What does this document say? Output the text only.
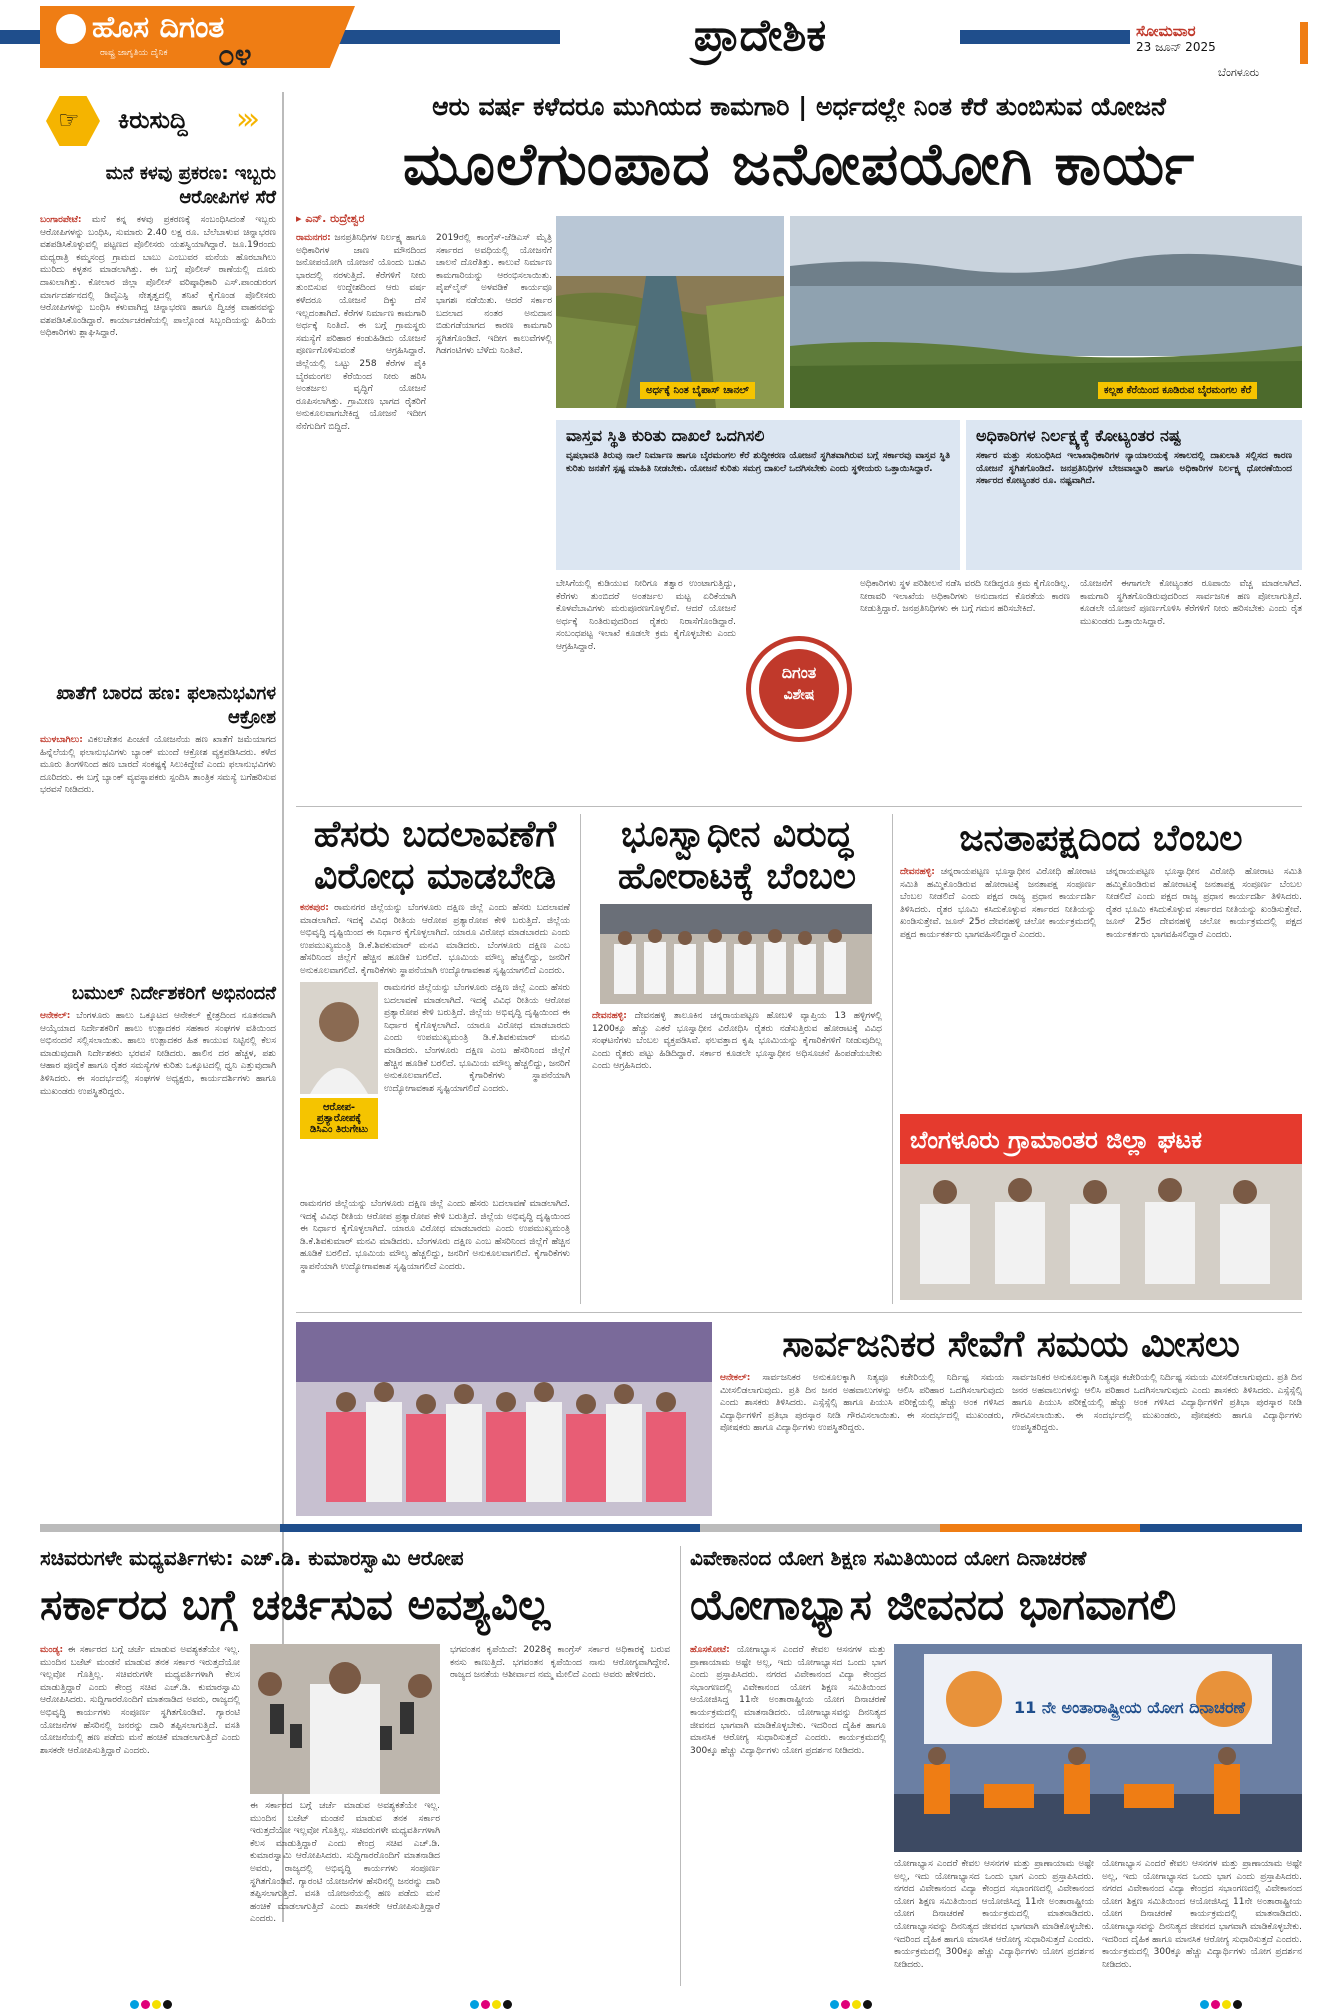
ಹೊಸ ದಿಗಂತ
ರಾಷ್ಟ್ರ ಜಾಗೃತಿಯ ದೈನಿಕ ೦೪	ಪ್ರಾದೇಶಿಕ	ಸೋಮವಾರ
23 ಜೂನ್ 2025
ಬೆಂಗಳೂರು
☞ ಕಿರುಸುದ್ದಿ ›››
ಮನೆ ಕಳವು ಪ್ರಕರಣ: ಇಬ್ಬರು ಆರೋಪಿಗಳ ಸೆರೆ
ಬಂಗಾರಪೇಟೆ: ಮನೆ ಕನ್ನ ಕಳವು ಪ್ರಕರಣಕ್ಕೆ ಸಂಬಂಧಿಸಿದಂತೆ ಇಬ್ಬರು ಆರೋಪಿಗಳನ್ನು ಬಂಧಿಸಿ, ಸುಮಾರು 2.40 ಲಕ್ಷ ರೂ. ಬೆಲೆಬಾಳುವ ಚಿನ್ನಾಭರಣ ವಶಪಡಿಸಿಕೊಳ್ಳುವಲ್ಲಿ ಪಟ್ಟಣದ ಪೊಲೀಸರು ಯಶಸ್ವಿಯಾಗಿದ್ದಾರೆ. ಜೂ.19ರಂದು ಮಧ್ಯರಾತ್ರಿ ಕಮ್ಮಸಂದ್ರ ಗ್ರಾಮದ ಬಾಬು ಎಂಬುವರ ಮನೆಯ ಹೊರಬಾಗಿಲು ಮುರಿದು ಕಳ್ಳತನ ಮಾಡಲಾಗಿತ್ತು. ಈ ಬಗ್ಗೆ ಪೊಲೀಸ್ ಠಾಣೆಯಲ್ಲಿ ದೂರು ದಾಖಲಾಗಿತ್ತು. ಕೋಲಾರ ಜಿಲ್ಲಾ ಪೊಲೀಸ್ ವರಿಷ್ಠಾಧಿಕಾರಿ ಎಸ್.ಪಾಂಡುರಂಗ ಮಾರ್ಗದರ್ಶನದಲ್ಲಿ ಡಿವೈಎಸ್ಪಿ ನೇತೃತ್ವದಲ್ಲಿ ತನಿಖೆ ಕೈಗೊಂಡ ಪೊಲೀಸರು ಆರೋಪಿಗಳನ್ನು ಬಂಧಿಸಿ ಕಳುವಾಗಿದ್ದ ಚಿನ್ನಾಭರಣ ಹಾಗೂ ದ್ವಿಚಕ್ರ ವಾಹನವನ್ನು ವಶಪಡಿಸಿಕೊಂಡಿದ್ದಾರೆ. ಕಾರ್ಯಾಚರಣೆಯಲ್ಲಿ ಪಾಲ್ಗೊಂಡ ಸಿಬ್ಬಂದಿಯನ್ನು ಹಿರಿಯ ಅಧಿಕಾರಿಗಳು ಶ್ಲಾಘಿಸಿದ್ದಾರೆ.
ಖಾತೆಗೆ ಬಾರದ ಹಣ: ಫಲಾನುಭವಿಗಳ ಆಕ್ರೋಶ
ಮುಳಬಾಗಿಲು: ವಿಕಲಚೇತನ ಪಿಂಚಣಿ ಯೋಜನೆಯ ಹಣ ಖಾತೆಗೆ ಜಮೆಯಾಗದ ಹಿನ್ನೆಲೆಯಲ್ಲಿ ಫಲಾನುಭವಿಗಳು ಬ್ಯಾಂಕ್ ಮುಂದೆ ಆಕ್ರೋಶ ವ್ಯಕ್ತಪಡಿಸಿದರು. ಕಳೆದ ಮೂರು ತಿಂಗಳಿನಿಂದ ಹಣ ಬಾರದೆ ಸಂಕಷ್ಟಕ್ಕೆ ಸಿಲುಕಿದ್ದೇವೆ ಎಂದು ಫಲಾನುಭವಿಗಳು ದೂರಿದರು. ಈ ಬಗ್ಗೆ ಬ್ಯಾಂಕ್ ವ್ಯವಸ್ಥಾಪಕರು ಸ್ಪಂದಿಸಿ ತಾಂತ್ರಿಕ ಸಮಸ್ಯೆ ಬಗೆಹರಿಸುವ ಭರವಸೆ ನೀಡಿದರು.
ಬಮುಲ್ ನಿರ್ದೇಶಕರಿಗೆ ಅಭಿನಂದನೆ
ಆನೇಕಲ್: ಬೆಂಗಳೂರು ಹಾಲು ಒಕ್ಕೂಟದ ಆನೇಕಲ್ ಕ್ಷೇತ್ರದಿಂದ ನೂತನವಾಗಿ ಆಯ್ಕೆಯಾದ ನಿರ್ದೇಶಕರಿಗೆ ಹಾಲು ಉತ್ಪಾದಕರ ಸಹಕಾರ ಸಂಘಗಳ ವತಿಯಿಂದ ಅಭಿನಂದನೆ ಸಲ್ಲಿಸಲಾಯಿತು. ಹಾಲು ಉತ್ಪಾದಕರ ಹಿತ ಕಾಯುವ ನಿಟ್ಟಿನಲ್ಲಿ ಕೆಲಸ ಮಾಡುವುದಾಗಿ ನಿರ್ದೇಶಕರು ಭರವಸೆ ನೀಡಿದರು. ಹಾಲಿನ ದರ ಹೆಚ್ಚಳ, ಪಶು ಆಹಾರ ಪೂರೈಕೆ ಹಾಗೂ ರೈತರ ಸಮಸ್ಯೆಗಳ ಕುರಿತು ಒಕ್ಕೂಟದಲ್ಲಿ ಧ್ವನಿ ಎತ್ತುವುದಾಗಿ ತಿಳಿಸಿದರು. ಈ ಸಂದರ್ಭದಲ್ಲಿ ಸಂಘಗಳ ಅಧ್ಯಕ್ಷರು, ಕಾರ್ಯದರ್ಶಿಗಳು ಹಾಗೂ ಮುಖಂಡರು ಉಪಸ್ಥಿತರಿದ್ದರು.
ಆರು ವರ್ಷ ಕಳೆದರೂ ಮುಗಿಯದ ಕಾಮಗಾರಿ | ಅರ್ಧದಲ್ಲೇ ನಿಂತ ಕೆರೆ ತುಂಬಿಸುವ ಯೋಜನೆ
ಮೂಲೆಗುಂಪಾದ ಜನೋಪಯೋಗಿ ಕಾರ್ಯ
▸ ಎನ್. ರುದ್ರೇಶ್ವರ
ರಾಮನಗರ: ಜನಪ್ರತಿನಿಧಿಗಳ ನಿರ್ಲಕ್ಷ್ಯ ಹಾಗೂ ಅಧಿಕಾರಿಗಳ ಜಾಣ ಮೌನದಿಂದ ಜನೋಪಯೋಗಿ ಯೋಜನೆ ಯೊಂದು ಬಡವಿ ಭಾರದಲ್ಲಿ ನರಳುತ್ತಿದೆ. ಕೆರೆಗಳಿಗೆ ನೀರು ತುಂಬಿಸುವ ಉದ್ದೇಶದಿಂದ ಆರು ವರ್ಷ ಕಳೆದರೂ ಯೋಜನೆ ದಿಕ್ಕು ದೆಸೆ ಇಲ್ಲದಂತಾಗಿದೆ. ಕೆರೆಗಳ ನಿರ್ಮಾಣ ಕಾಮಗಾರಿ ಅರ್ಧಕ್ಕೆ ನಿಂತಿದೆ. ಈ ಬಗ್ಗೆ ಗ್ರಾಮಸ್ಥರು ಸಮಸ್ಯೆಗೆ ಪರಿಹಾರ ಕಂಡುಹಿಡಿದು ಯೋಜನೆ ಪೂರ್ಣಗೊಳಿಸುವಂತೆ ಆಗ್ರಹಿಸಿದ್ದಾರೆ. ಜಿಲ್ಲೆಯಲ್ಲಿ ಒಟ್ಟು 258 ಕೆರೆಗಳ ಪೈಕಿ ಬೈರಮಂಗಲ ಕೆರೆಯಿಂದ ನೀರು ಹರಿಸಿ ಅಂತರ್ಜಲ ವೃದ್ಧಿಗೆ ಯೋಜನೆ ರೂಪಿಸಲಾಗಿತ್ತು. ಗ್ರಾಮೀಣ ಭಾಗದ ರೈತರಿಗೆ ಅನುಕೂಲವಾಗಬೇಕಿದ್ದ ಯೋಜನೆ ಇದೀಗ ನೆನೆಗುದಿಗೆ ಬಿದ್ದಿದೆ.
2019ರಲ್ಲಿ ಕಾಂಗ್ರೆಸ್-ಜೆಡಿಎಸ್ ಮೈತ್ರಿ ಸರ್ಕಾರದ ಅವಧಿಯಲ್ಲಿ ಯೋಜನೆಗೆ ಚಾಲನೆ ದೊರೆತಿತ್ತು. ಕಾಲುವೆ ನಿರ್ಮಾಣ ಕಾಮಗಾರಿಯನ್ನು ಆರಂಭಿಸಲಾಯಿತು. ಪೈಪ್‌ಲೈನ್ ಅಳವಡಿಕೆ ಕಾರ್ಯವೂ ಭಾಗಶಃ ನಡೆಯಿತು. ಆದರೆ ಸರ್ಕಾರ ಬದಲಾದ ನಂತರ ಅನುದಾನ ಬಿಡುಗಡೆಯಾಗದ ಕಾರಣ ಕಾಮಗಾರಿ ಸ್ಥಗಿತಗೊಂಡಿದೆ. ಇದೀಗ ಕಾಲುವೆಗಳಲ್ಲಿ ಗಿಡಗಂಟಿಗಳು ಬೆಳೆದು ನಿಂತಿವೆ.
ಅರ್ಧಕ್ಕೆ ನಿಂತ ಬೈಪಾಸ್ ಚಾನಲ್	ಕಲ್ಲಹ ಕೆರೆಯಿಂದ ಕೂಡಿರುವ ಬೈರಮಂಗಲ ಕೆರೆ
ವಾಸ್ತವ ಸ್ಥಿತಿ ಕುರಿತು ದಾಖಲೆ ಒದಗಿಸಲಿ
ವೃಷಭಾವತಿ ತಿರುವು ನಾಲೆ ನಿರ್ಮಾಣ ಹಾಗೂ ಬೈರಮಂಗಲ ಕೆರೆ ಶುದ್ಧೀಕರಣ ಯೋಜನೆ ಸ್ಥಗಿತವಾಗಿರುವ ಬಗ್ಗೆ ಸರ್ಕಾರವು ವಾಸ್ತವ ಸ್ಥಿತಿ ಕುರಿತು ಜನತೆಗೆ ಸ್ಪಷ್ಟ ಮಾಹಿತಿ ನೀಡಬೇಕು. ಯೋಜನೆ ಕುರಿತು ಸಮಗ್ರ ದಾಖಲೆ ಒದಗಿಸಬೇಕು ಎಂದು ಸ್ಥಳೀಯರು ಒತ್ತಾಯಿಸಿದ್ದಾರೆ.
ಅಧಿಕಾರಿಗಳ ನಿರ್ಲಕ್ಷ್ಯಕ್ಕೆ ಕೋಟ್ಯಂತರ ನಷ್ಟ
ಸರ್ಕಾರ ಮತ್ತು ಸಂಬಂಧಿಸಿದ ಇಲಾಖಾಧಿಕಾರಿಗಳ ನ್ಯಾಯಾಲಯಕ್ಕೆ ಸಕಾಲದಲ್ಲಿ ದಾಖಲಾತಿ ಸಲ್ಲಿಸದ ಕಾರಣ ಯೋಜನೆ ಸ್ಥಗಿತಗೊಂಡಿದೆ. ಜನಪ್ರತಿನಿಧಿಗಳ ಬೇಜವಾಬ್ದಾರಿ ಹಾಗೂ ಅಧಿಕಾರಿಗಳ ನಿರ್ಲಕ್ಷ್ಯ ಧೋರಣೆಯಿಂದ ಸರ್ಕಾರದ ಕೋಟ್ಯಂತರ ರೂ. ನಷ್ಟವಾಗಿದೆ.
ಬೇಸಿಗೆಯಲ್ಲಿ ಕುಡಿಯುವ ನೀರಿಗೂ ತತ್ವಾರ ಉಂಟಾಗುತ್ತಿದ್ದು, ಕೆರೆಗಳು ತುಂಬಿದರೆ ಅಂತರ್ಜಲ ಮಟ್ಟ ಏರಿಕೆಯಾಗಿ ಕೊಳವೆಬಾವಿಗಳು ಮರುಪೂರಣಗೊಳ್ಳಲಿವೆ. ಆದರೆ ಯೋಜನೆ ಅರ್ಧಕ್ಕೆ ನಿಂತಿರುವುದರಿಂದ ರೈತರು ನಿರಾಸೆಗೊಂಡಿದ್ದಾರೆ. ಸಂಬಂಧಪಟ್ಟ ಇಲಾಖೆ ಕೂಡಲೇ ಕ್ರಮ ಕೈಗೊಳ್ಳಬೇಕು ಎಂದು ಆಗ್ರಹಿಸಿದ್ದಾರೆ.
ದಿಗಂತ
ವಿಶೇಷ
ಅಧಿಕಾರಿಗಳು ಸ್ಥಳ ಪರಿಶೀಲನೆ ನಡೆಸಿ ವರದಿ ನೀಡಿದ್ದರೂ ಕ್ರಮ ಕೈಗೊಂಡಿಲ್ಲ. ನೀರಾವರಿ ಇಲಾಖೆಯ ಅಧಿಕಾರಿಗಳು ಅನುದಾನದ ಕೊರತೆಯ ಕಾರಣ ನೀಡುತ್ತಿದ್ದಾರೆ. ಜನಪ್ರತಿನಿಧಿಗಳು ಈ ಬಗ್ಗೆ ಗಮನ ಹರಿಸಬೇಕಿದೆ.
ಯೋಜನೆಗೆ ಈಗಾಗಲೇ ಕೋಟ್ಯಂತರ ರೂಪಾಯಿ ವೆಚ್ಚ ಮಾಡಲಾಗಿದೆ. ಕಾಮಗಾರಿ ಸ್ಥಗಿತಗೊಂಡಿರುವುದರಿಂದ ಸಾರ್ವಜನಿಕ ಹಣ ಪೋಲಾಗುತ್ತಿದೆ. ಕೂಡಲೇ ಯೋಜನೆ ಪೂರ್ಣಗೊಳಿಸಿ ಕೆರೆಗಳಿಗೆ ನೀರು ಹರಿಸಬೇಕು ಎಂದು ರೈತ ಮುಖಂಡರು ಒತ್ತಾಯಿಸಿದ್ದಾರೆ.
ಹೆಸರು ಬದಲಾವಣೆಗೆ ವಿರೋಧ ಮಾಡಬೇಡಿ
ಕನಕಪುರ: ರಾಮನಗರ ಜಿಲ್ಲೆಯನ್ನು ಬೆಂಗಳೂರು ದಕ್ಷಿಣ ಜಿಲ್ಲೆ ಎಂದು ಹೆಸರು ಬದಲಾವಣೆ ಮಾಡಲಾಗಿದೆ. ಇದಕ್ಕೆ ವಿವಿಧ ರೀತಿಯ ಆರೋಪ ಪ್ರತ್ಯಾರೋಪ ಕೇಳಿ ಬರುತ್ತಿದೆ. ಜಿಲ್ಲೆಯ ಅಭಿವೃದ್ಧಿ ದೃಷ್ಟಿಯಿಂದ ಈ ನಿರ್ಧಾರ ಕೈಗೊಳ್ಳಲಾಗಿದೆ. ಯಾರೂ ವಿರೋಧ ಮಾಡಬಾರದು ಎಂದು ಉಪಮುಖ್ಯಮಂತ್ರಿ ಡಿ.ಕೆ.ಶಿವಕುಮಾರ್ ಮನವಿ ಮಾಡಿದರು. ಬೆಂಗಳೂರು ದಕ್ಷಿಣ ಎಂಬ ಹೆಸರಿನಿಂದ ಜಿಲ್ಲೆಗೆ ಹೆಚ್ಚಿನ ಹೂಡಿಕೆ ಬರಲಿದೆ. ಭೂಮಿಯ ಮೌಲ್ಯ ಹೆಚ್ಚಲಿದ್ದು, ಜನರಿಗೆ ಅನುಕೂಲವಾಗಲಿದೆ. ಕೈಗಾರಿಕೆಗಳು ಸ್ಥಾಪನೆಯಾಗಿ ಉದ್ಯೋಗಾವಕಾಶ ಸೃಷ್ಟಿಯಾಗಲಿದೆ ಎಂದರು.
ಆರೋಪ-ಪ್ರತ್ಯಾರೋಪಕ್ಕೆ ಡಿಸಿಎಂ ತಿರುಗೇಟು
ರಾಮನಗರ ಜಿಲ್ಲೆಯನ್ನು ಬೆಂಗಳೂರು ದಕ್ಷಿಣ ಜಿಲ್ಲೆ ಎಂದು ಹೆಸರು ಬದಲಾವಣೆ ಮಾಡಲಾಗಿದೆ. ಇದಕ್ಕೆ ವಿವಿಧ ರೀತಿಯ ಆರೋಪ ಪ್ರತ್ಯಾರೋಪ ಕೇಳಿ ಬರುತ್ತಿದೆ. ಜಿಲ್ಲೆಯ ಅಭಿವೃದ್ಧಿ ದೃಷ್ಟಿಯಿಂದ ಈ ನಿರ್ಧಾರ ಕೈಗೊಳ್ಳಲಾಗಿದೆ. ಯಾರೂ ವಿರೋಧ ಮಾಡಬಾರದು ಎಂದು ಉಪಮುಖ್ಯಮಂತ್ರಿ ಡಿ.ಕೆ.ಶಿವಕುಮಾರ್ ಮನವಿ ಮಾಡಿದರು. ಬೆಂಗಳೂರು ದಕ್ಷಿಣ ಎಂಬ ಹೆಸರಿನಿಂದ ಜಿಲ್ಲೆಗೆ ಹೆಚ್ಚಿನ ಹೂಡಿಕೆ ಬರಲಿದೆ. ಭೂಮಿಯ ಮೌಲ್ಯ ಹೆಚ್ಚಲಿದ್ದು, ಜನರಿಗೆ ಅನುಕೂಲವಾಗಲಿದೆ. ಕೈಗಾರಿಕೆಗಳು ಸ್ಥಾಪನೆಯಾಗಿ ಉದ್ಯೋಗಾವಕಾಶ ಸೃಷ್ಟಿಯಾಗಲಿದೆ ಎಂದರು.
ರಾಮನಗರ ಜಿಲ್ಲೆಯನ್ನು ಬೆಂಗಳೂರು ದಕ್ಷಿಣ ಜಿಲ್ಲೆ ಎಂದು ಹೆಸರು ಬದಲಾವಣೆ ಮಾಡಲಾಗಿದೆ. ಇದಕ್ಕೆ ವಿವಿಧ ರೀತಿಯ ಆರೋಪ ಪ್ರತ್ಯಾರೋಪ ಕೇಳಿ ಬರುತ್ತಿದೆ. ಜಿಲ್ಲೆಯ ಅಭಿವೃದ್ಧಿ ದೃಷ್ಟಿಯಿಂದ ಈ ನಿರ್ಧಾರ ಕೈಗೊಳ್ಳಲಾಗಿದೆ. ಯಾರೂ ವಿರೋಧ ಮಾಡಬಾರದು ಎಂದು ಉಪಮುಖ್ಯಮಂತ್ರಿ ಡಿ.ಕೆ.ಶಿವಕುಮಾರ್ ಮನವಿ ಮಾಡಿದರು. ಬೆಂಗಳೂರು ದಕ್ಷಿಣ ಎಂಬ ಹೆಸರಿನಿಂದ ಜಿಲ್ಲೆಗೆ ಹೆಚ್ಚಿನ ಹೂಡಿಕೆ ಬರಲಿದೆ. ಭೂಮಿಯ ಮೌಲ್ಯ ಹೆಚ್ಚಲಿದ್ದು, ಜನರಿಗೆ ಅನುಕೂಲವಾಗಲಿದೆ. ಕೈಗಾರಿಕೆಗಳು ಸ್ಥಾಪನೆಯಾಗಿ ಉದ್ಯೋಗಾವಕಾಶ ಸೃಷ್ಟಿಯಾಗಲಿದೆ ಎಂದರು.
ಭೂಸ್ವಾಧೀನ ವಿರುದ್ಧ ಹೋರಾಟಕ್ಕೆ ಬೆಂಬಲ
ದೇವನಹಳ್ಳಿ: ದೇವನಹಳ್ಳಿ ತಾಲೂಕಿನ ಚನ್ನರಾಯಪಟ್ಟಣ ಹೋಬಳಿ ವ್ಯಾಪ್ತಿಯ 13 ಹಳ್ಳಿಗಳಲ್ಲಿ 1200ಕ್ಕೂ ಹೆಚ್ಚು ಎಕರೆ ಭೂಸ್ವಾಧೀನ ವಿರೋಧಿಸಿ ರೈತರು ನಡೆಸುತ್ತಿರುವ ಹೋರಾಟಕ್ಕೆ ವಿವಿಧ ಸಂಘಟನೆಗಳು ಬೆಂಬಲ ವ್ಯಕ್ತಪಡಿಸಿವೆ. ಫಲವತ್ತಾದ ಕೃಷಿ ಭೂಮಿಯನ್ನು ಕೈಗಾರಿಕೆಗಳಿಗೆ ನೀಡುವುದಿಲ್ಲ ಎಂದು ರೈತರು ಪಟ್ಟು ಹಿಡಿದಿದ್ದಾರೆ. ಸರ್ಕಾರ ಕೂಡಲೇ ಭೂಸ್ವಾಧೀನ ಅಧಿಸೂಚನೆ ಹಿಂಪಡೆಯಬೇಕು ಎಂದು ಆಗ್ರಹಿಸಿದರು.
ಜನತಾಪಕ್ಷದಿಂದ ಬೆಂಬಲ
ದೇವನಹಳ್ಳಿ: ಚನ್ನರಾಯಪಟ್ಟಣ ಭೂಸ್ವಾಧೀನ ವಿರೋಧಿ ಹೋರಾಟ ಸಮಿತಿ ಹಮ್ಮಿಕೊಂಡಿರುವ ಹೋರಾಟಕ್ಕೆ ಜನತಾಪಕ್ಷ ಸಂಪೂರ್ಣ ಬೆಂಬಲ ನೀಡಲಿದೆ ಎಂದು ಪಕ್ಷದ ರಾಜ್ಯ ಪ್ರಧಾನ ಕಾರ್ಯದರ್ಶಿ ತಿಳಿಸಿದರು. ರೈತರ ಭೂಮಿ ಕಸಿದುಕೊಳ್ಳುವ ಸರ್ಕಾರದ ನೀತಿಯನ್ನು ಖಂಡಿಸುತ್ತೇವೆ. ಜೂನ್ 25ರ ದೇವನಹಳ್ಳಿ ಚಲೋ ಕಾರ್ಯಕ್ರಮದಲ್ಲಿ ಪಕ್ಷದ ಕಾರ್ಯಕರ್ತರು ಭಾಗವಹಿಸಲಿದ್ದಾರೆ ಎಂದರು.
ಚನ್ನರಾಯಪಟ್ಟಣ ಭೂಸ್ವಾಧೀನ ವಿರೋಧಿ ಹೋರಾಟ ಸಮಿತಿ ಹಮ್ಮಿಕೊಂಡಿರುವ ಹೋರಾಟಕ್ಕೆ ಜನತಾಪಕ್ಷ ಸಂಪೂರ್ಣ ಬೆಂಬಲ ನೀಡಲಿದೆ ಎಂದು ಪಕ್ಷದ ರಾಜ್ಯ ಪ್ರಧಾನ ಕಾರ್ಯದರ್ಶಿ ತಿಳಿಸಿದರು. ರೈತರ ಭೂಮಿ ಕಸಿದುಕೊಳ್ಳುವ ಸರ್ಕಾರದ ನೀತಿಯನ್ನು ಖಂಡಿಸುತ್ತೇವೆ. ಜೂನ್ 25ರ ದೇವನಹಳ್ಳಿ ಚಲೋ ಕಾರ್ಯಕ್ರಮದಲ್ಲಿ ಪಕ್ಷದ ಕಾರ್ಯಕರ್ತರು ಭಾಗವಹಿಸಲಿದ್ದಾರೆ ಎಂದರು.
ಬೆಂಗಳೂರು ಗ್ರಾಮಾಂತರ ಜಿಲ್ಲಾ ಘಟಕ
ಸಾರ್ವಜನಿಕರ ಸೇವೆಗೆ ಸಮಯ ಮೀಸಲು
ಆನೇಕಲ್: ಸಾರ್ವಜನಿಕರ ಅನುಕೂಲಕ್ಕಾಗಿ ನಿತ್ಯವೂ ಕಚೇರಿಯಲ್ಲಿ ನಿರ್ದಿಷ್ಟ ಸಮಯ ಮೀಸಲಿಡಲಾಗುವುದು. ಪ್ರತಿ ದಿನ ಜನರ ಅಹವಾಲುಗಳನ್ನು ಆಲಿಸಿ ಪರಿಹಾರ ಒದಗಿಸಲಾಗುವುದು ಎಂದು ಶಾಸಕರು ತಿಳಿಸಿದರು. ಎಸ್ಸೆಸ್ಸೆಲ್ಸಿ ಹಾಗೂ ಪಿಯುಸಿ ಪರೀಕ್ಷೆಯಲ್ಲಿ ಹೆಚ್ಚು ಅಂಕ ಗಳಿಸಿದ ವಿದ್ಯಾರ್ಥಿಗಳಿಗೆ ಪ್ರತಿಭಾ ಪುರಸ್ಕಾರ ನೀಡಿ ಗೌರವಿಸಲಾಯಿತು. ಈ ಸಂದರ್ಭದಲ್ಲಿ ಮುಖಂಡರು, ಪೋಷಕರು ಹಾಗೂ ವಿದ್ಯಾರ್ಥಿಗಳು ಉಪಸ್ಥಿತರಿದ್ದರು.
ಸಾರ್ವಜನಿಕರ ಅನುಕೂಲಕ್ಕಾಗಿ ನಿತ್ಯವೂ ಕಚೇರಿಯಲ್ಲಿ ನಿರ್ದಿಷ್ಟ ಸಮಯ ಮೀಸಲಿಡಲಾಗುವುದು. ಪ್ರತಿ ದಿನ ಜನರ ಅಹವಾಲುಗಳನ್ನು ಆಲಿಸಿ ಪರಿಹಾರ ಒದಗಿಸಲಾಗುವುದು ಎಂದು ಶಾಸಕರು ತಿಳಿಸಿದರು. ಎಸ್ಸೆಸ್ಸೆಲ್ಸಿ ಹಾಗೂ ಪಿಯುಸಿ ಪರೀಕ್ಷೆಯಲ್ಲಿ ಹೆಚ್ಚು ಅಂಕ ಗಳಿಸಿದ ವಿದ್ಯಾರ್ಥಿಗಳಿಗೆ ಪ್ರತಿಭಾ ಪುರಸ್ಕಾರ ನೀಡಿ ಗೌರವಿಸಲಾಯಿತು. ಈ ಸಂದರ್ಭದಲ್ಲಿ ಮುಖಂಡರು, ಪೋಷಕರು ಹಾಗೂ ವಿದ್ಯಾರ್ಥಿಗಳು ಉಪಸ್ಥಿತರಿದ್ದರು.
ಸಚಿವರುಗಳೇ ಮಧ್ಯವರ್ತಿಗಳು: ಎಚ್.ಡಿ. ಕುಮಾರಸ್ವಾಮಿ ಆರೋಪ
ಸರ್ಕಾರದ ಬಗ್ಗೆ ಚರ್ಚಿಸುವ ಅವಶ್ಯವಿಲ್ಲ
ಮಂಡ್ಯ: ಈ ಸರ್ಕಾರದ ಬಗ್ಗೆ ಚರ್ಚೆ ಮಾಡುವ ಅವಶ್ಯಕತೆಯೇ ಇಲ್ಲ. ಮುಂದಿನ ಬಜೆಟ್ ಮಂಡನೆ ಮಾಡುವ ತನಕ ಸರ್ಕಾರ ಇರುತ್ತದೆಯೋ ಇಲ್ಲವೋ ಗೊತ್ತಿಲ್ಲ. ಸಚಿವರುಗಳೇ ಮಧ್ಯವರ್ತಿಗಳಾಗಿ ಕೆಲಸ ಮಾಡುತ್ತಿದ್ದಾರೆ ಎಂದು ಕೇಂದ್ರ ಸಚಿವ ಎಚ್.ಡಿ. ಕುಮಾರಸ್ವಾಮಿ ಆರೋಪಿಸಿದರು. ಸುದ್ದಿಗಾರರೊಂದಿಗೆ ಮಾತನಾಡಿದ ಅವರು, ರಾಜ್ಯದಲ್ಲಿ ಅಭಿವೃದ್ಧಿ ಕಾರ್ಯಗಳು ಸಂಪೂರ್ಣ ಸ್ಥಗಿತಗೊಂಡಿವೆ. ಗ್ಯಾರಂಟಿ ಯೋಜನೆಗಳ ಹೆಸರಿನಲ್ಲಿ ಜನರನ್ನು ದಾರಿ ತಪ್ಪಿಸಲಾಗುತ್ತಿದೆ. ವಸತಿ ಯೋಜನೆಯಲ್ಲಿ ಹಣ ಪಡೆದು ಮನೆ ಹಂಚಿಕೆ ಮಾಡಲಾಗುತ್ತಿದೆ ಎಂದು ಶಾಸಕರೇ ಆರೋಪಿಸುತ್ತಿದ್ದಾರೆ ಎಂದರು.
ಈ ಸರ್ಕಾರದ ಬಗ್ಗೆ ಚರ್ಚೆ ಮಾಡುವ ಅವಶ್ಯಕತೆಯೇ ಇಲ್ಲ. ಮುಂದಿನ ಬಜೆಟ್ ಮಂಡನೆ ಮಾಡುವ ತನಕ ಸರ್ಕಾರ ಇರುತ್ತದೆಯೋ ಇಲ್ಲವೋ ಗೊತ್ತಿಲ್ಲ. ಸಚಿವರುಗಳೇ ಮಧ್ಯವರ್ತಿಗಳಾಗಿ ಕೆಲಸ ಮಾಡುತ್ತಿದ್ದಾರೆ ಎಂದು ಕೇಂದ್ರ ಸಚಿವ ಎಚ್.ಡಿ. ಕುಮಾರಸ್ವಾಮಿ ಆರೋಪಿಸಿದರು. ಸುದ್ದಿಗಾರರೊಂದಿಗೆ ಮಾತನಾಡಿದ ಅವರು, ರಾಜ್ಯದಲ್ಲಿ ಅಭಿವೃದ್ಧಿ ಕಾರ್ಯಗಳು ಸಂಪೂರ್ಣ ಸ್ಥಗಿತಗೊಂಡಿವೆ. ಗ್ಯಾರಂಟಿ ಯೋಜನೆಗಳ ಹೆಸರಿನಲ್ಲಿ ಜನರನ್ನು ದಾರಿ ತಪ್ಪಿಸಲಾಗುತ್ತಿದೆ. ವಸತಿ ಯೋಜನೆಯಲ್ಲಿ ಹಣ ಪಡೆದು ಮನೆ ಹಂಚಿಕೆ ಮಾಡಲಾಗುತ್ತಿದೆ ಎಂದು ಶಾಸಕರೇ ಆರೋಪಿಸುತ್ತಿದ್ದಾರೆ ಎಂದರು.
ಭಗವಂತನ ಕೃಪೆಯಿದೆ: 2028ಕ್ಕೆ ಕಾಂಗ್ರೆಸ್ ಸರ್ಕಾರ ಅಧಿಕಾರಕ್ಕೆ ಬರುವ ಕನಸು ಕಾಣುತ್ತಿದೆ. ಭಗವಂತನ ಕೃಪೆಯಿಂದ ನಾನು ಆರೋಗ್ಯವಾಗಿದ್ದೇನೆ. ರಾಜ್ಯದ ಜನತೆಯ ಆಶೀರ್ವಾದ ನಮ್ಮ ಮೇಲಿದೆ ಎಂದು ಅವರು ಹೇಳಿದರು.
ವಿವೇಕಾನಂದ ಯೋಗ ಶಿಕ್ಷಣ ಸಮಿತಿಯಿಂದ ಯೋಗ ದಿನಾಚರಣೆ
ಯೋಗಾಭ್ಯಾಸ ಜೀವನದ ಭಾಗವಾಗಲಿ
ಹೊಸಕೋಟೆ: ಯೋಗಾಭ್ಯಾಸ ಎಂದರೆ ಕೇವಲ ಆಸನಗಳ ಮತ್ತು ಪ್ರಾಣಾಯಾಮ ಅಷ್ಟೇ ಅಲ್ಲ, ಇದು ಯೋಗಾಭ್ಯಾಸದ ಒಂದು ಭಾಗ ಎಂದು ಪ್ರಸ್ತಾಪಿಸಿದರು. ನಗರದ ವಿವೇಕಾನಂದ ವಿದ್ಯಾ ಕೇಂದ್ರದ ಸಭಾಂಗಣದಲ್ಲಿ ವಿವೇಕಾನಂದ ಯೋಗ ಶಿಕ್ಷಣ ಸಮಿತಿಯಿಂದ ಆಯೋಜಿಸಿದ್ದ 11ನೇ ಅಂತಾರಾಷ್ಟ್ರೀಯ ಯೋಗ ದಿನಾಚರಣೆ ಕಾರ್ಯಕ್ರಮದಲ್ಲಿ ಮಾತನಾಡಿದರು. ಯೋಗಾಭ್ಯಾಸವನ್ನು ದಿನನಿತ್ಯದ ಜೀವನದ ಭಾಗವಾಗಿ ಮಾಡಿಕೊಳ್ಳಬೇಕು. ಇದರಿಂದ ದೈಹಿಕ ಹಾಗೂ ಮಾನಸಿಕ ಆರೋಗ್ಯ ಸುಧಾರಿಸುತ್ತದೆ ಎಂದರು. ಕಾರ್ಯಕ್ರಮದಲ್ಲಿ 300ಕ್ಕೂ ಹೆಚ್ಚು ವಿದ್ಯಾರ್ಥಿಗಳು ಯೋಗ ಪ್ರದರ್ಶನ ನೀಡಿದರು.
11 ನೇ ಅಂತಾರಾಷ್ಟ್ರೀಯ ಯೋಗ ದಿನಾಚರಣೆ
ಯೋಗಾಭ್ಯಾಸ ಎಂದರೆ ಕೇವಲ ಆಸನಗಳ ಮತ್ತು ಪ್ರಾಣಾಯಾಮ ಅಷ್ಟೇ ಅಲ್ಲ, ಇದು ಯೋಗಾಭ್ಯಾಸದ ಒಂದು ಭಾಗ ಎಂದು ಪ್ರಸ್ತಾಪಿಸಿದರು. ನಗರದ ವಿವೇಕಾನಂದ ವಿದ್ಯಾ ಕೇಂದ್ರದ ಸಭಾಂಗಣದಲ್ಲಿ ವಿವೇಕಾನಂದ ಯೋಗ ಶಿಕ್ಷಣ ಸಮಿತಿಯಿಂದ ಆಯೋಜಿಸಿದ್ದ 11ನೇ ಅಂತಾರಾಷ್ಟ್ರೀಯ ಯೋಗ ದಿನಾಚರಣೆ ಕಾರ್ಯಕ್ರಮದಲ್ಲಿ ಮಾತನಾಡಿದರು. ಯೋಗಾಭ್ಯಾಸವನ್ನು ದಿನನಿತ್ಯದ ಜೀವನದ ಭಾಗವಾಗಿ ಮಾಡಿಕೊಳ್ಳಬೇಕು. ಇದರಿಂದ ದೈಹಿಕ ಹಾಗೂ ಮಾನಸಿಕ ಆರೋಗ್ಯ ಸುಧಾರಿಸುತ್ತದೆ ಎಂದರು. ಕಾರ್ಯಕ್ರಮದಲ್ಲಿ 300ಕ್ಕೂ ಹೆಚ್ಚು ವಿದ್ಯಾರ್ಥಿಗಳು ಯೋಗ ಪ್ರದರ್ಶನ ನೀಡಿದರು.
ಯೋಗಾಭ್ಯಾಸ ಎಂದರೆ ಕೇವಲ ಆಸನಗಳ ಮತ್ತು ಪ್ರಾಣಾಯಾಮ ಅಷ್ಟೇ ಅಲ್ಲ, ಇದು ಯೋಗಾಭ್ಯಾಸದ ಒಂದು ಭಾಗ ಎಂದು ಪ್ರಸ್ತಾಪಿಸಿದರು. ನಗರದ ವಿವೇಕಾನಂದ ವಿದ್ಯಾ ಕೇಂದ್ರದ ಸಭಾಂಗಣದಲ್ಲಿ ವಿವೇಕಾನಂದ ಯೋಗ ಶಿಕ್ಷಣ ಸಮಿತಿಯಿಂದ ಆಯೋಜಿಸಿದ್ದ 11ನೇ ಅಂತಾರಾಷ್ಟ್ರೀಯ ಯೋಗ ದಿನಾಚರಣೆ ಕಾರ್ಯಕ್ರಮದಲ್ಲಿ ಮಾತನಾಡಿದರು. ಯೋಗಾಭ್ಯಾಸವನ್ನು ದಿನನಿತ್ಯದ ಜೀವನದ ಭಾಗವಾಗಿ ಮಾಡಿಕೊಳ್ಳಬೇಕು. ಇದರಿಂದ ದೈಹಿಕ ಹಾಗೂ ಮಾನಸಿಕ ಆರೋಗ್ಯ ಸುಧಾರಿಸುತ್ತದೆ ಎಂದರು. ಕಾರ್ಯಕ್ರಮದಲ್ಲಿ 300ಕ್ಕೂ ಹೆಚ್ಚು ವಿದ್ಯಾರ್ಥಿಗಳು ಯೋಗ ಪ್ರದರ್ಶನ ನೀಡಿದರು.
